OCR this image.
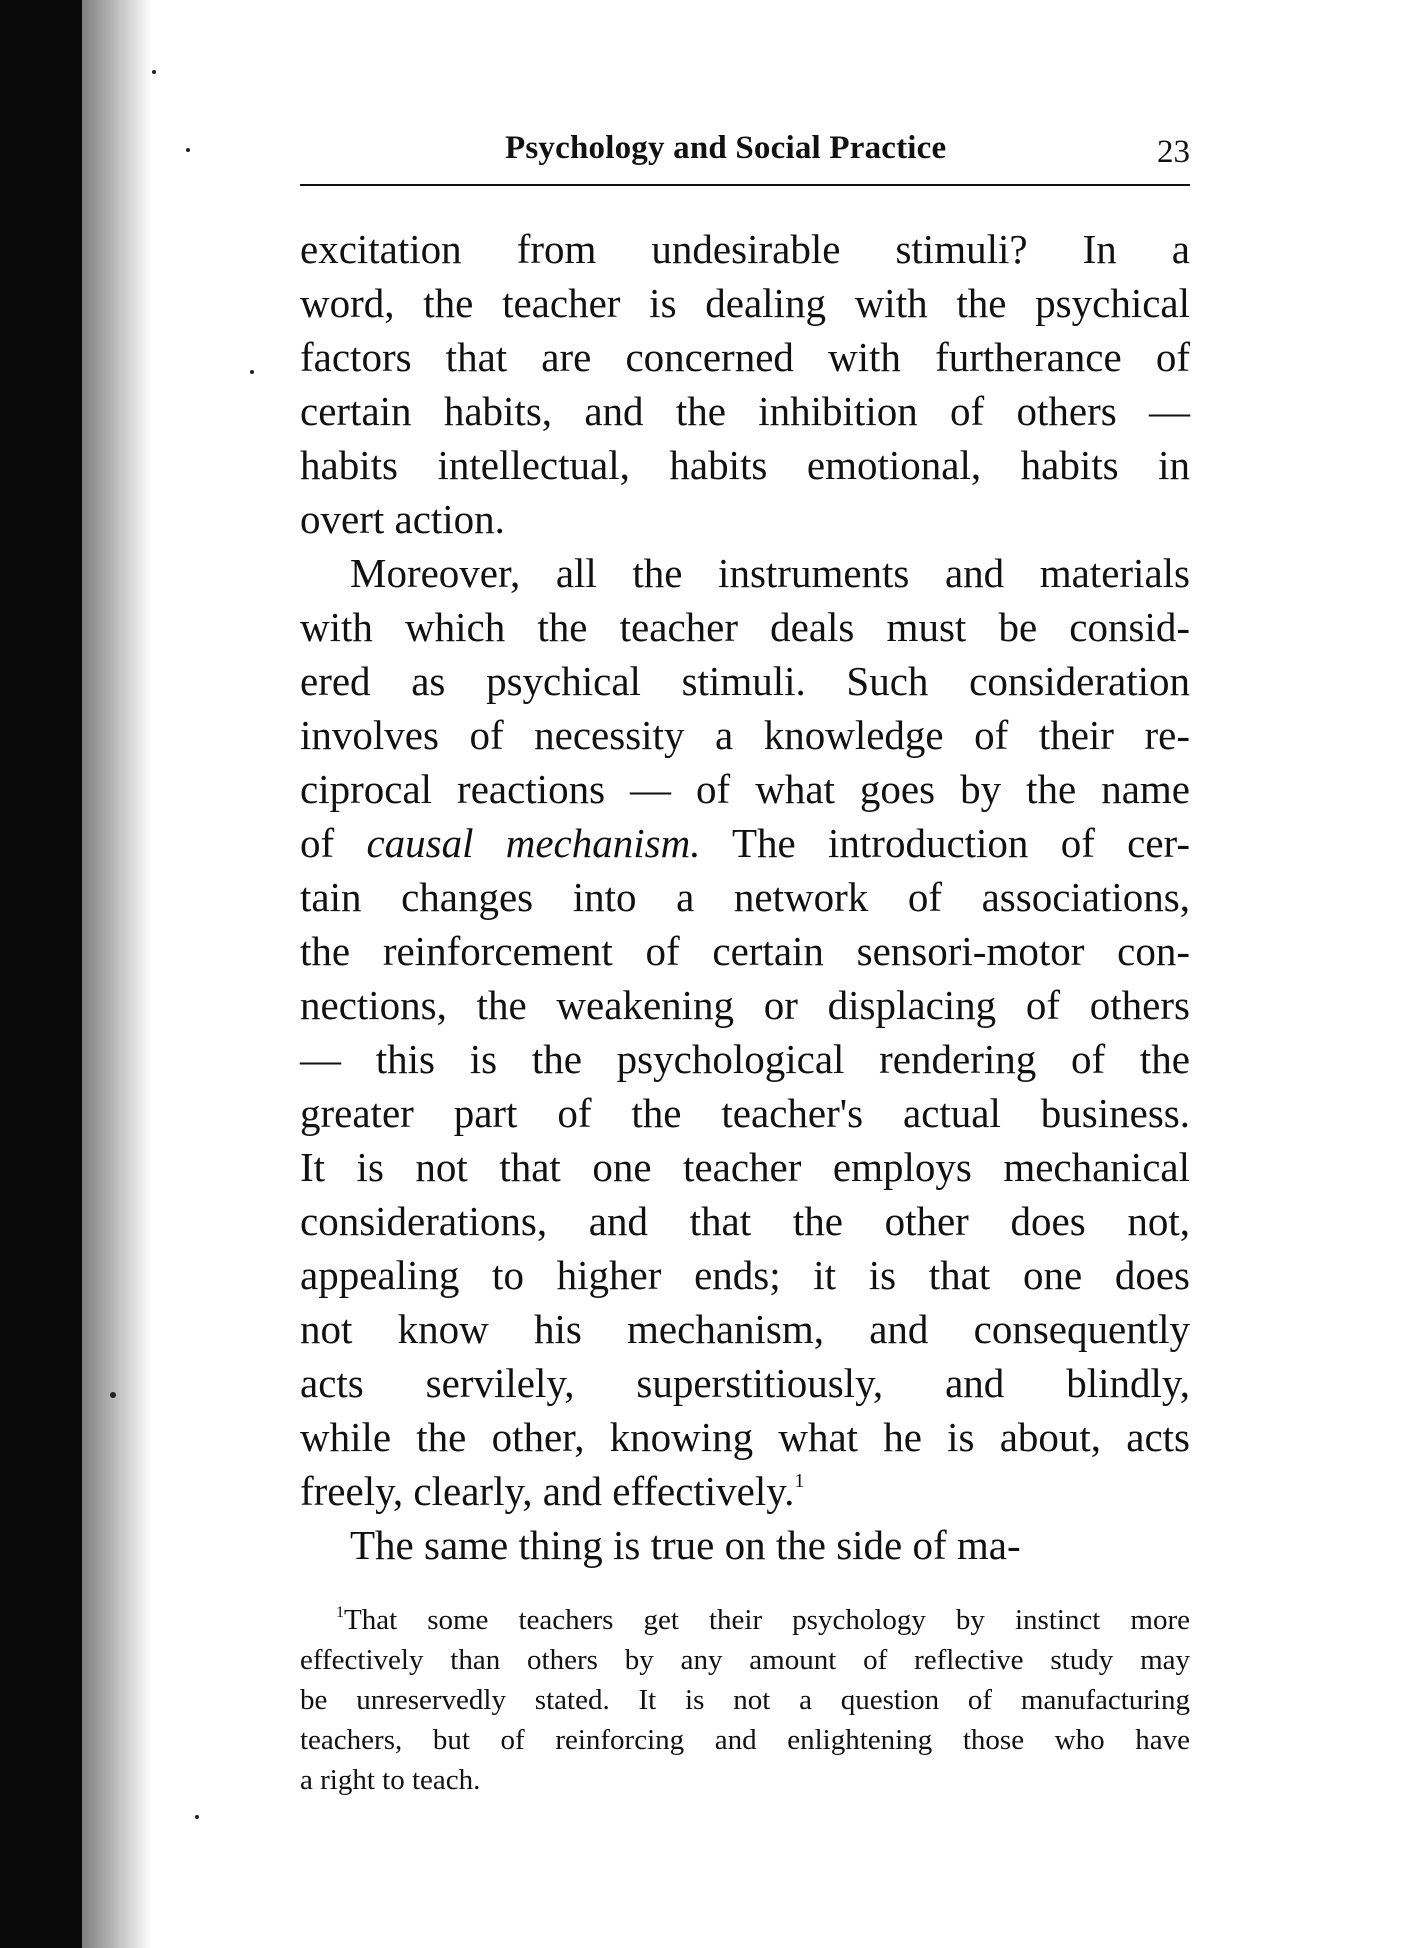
Psychology and Social Practice	23
excitation from undesirable stimuli? In a
word, the teacher is dealing with the psychical
factors that are concerned with furtherance of
certain habits, and the inhibition of others —
habits intellectual, habits emotional, habits in
overt action.
Moreover, all the instruments and materials
with which the teacher deals must be consid-
ered as psychical stimuli. Such consideration
involves of necessity a knowledge of their re-
ciprocal reactions — of what goes by the name
of causal mechanism. The introduction of cer-
tain changes into a network of associations,
the reinforcement of certain sensori-motor con-
nections, the weakening or displacing of others
— this is the psychological rendering of the
greater part of the teacher's actual business.
It is not that one teacher employs mechanical
considerations, and that the other does not,
appealing to higher ends; it is that one does
not know his mechanism, and consequently
acts servilely, superstitiously, and blindly,
while the other, knowing what he is about, acts
freely, clearly, and effectively.$^1$
The same thing is true on the side of ma-
$^1$That some teachers get their psychology by instinct more
effectively than others by any amount of reflective study may
be unreservedly stated. It is not a question of manufacturing
teachers, but of reinforcing and enlightening those who have
a right to teach.
